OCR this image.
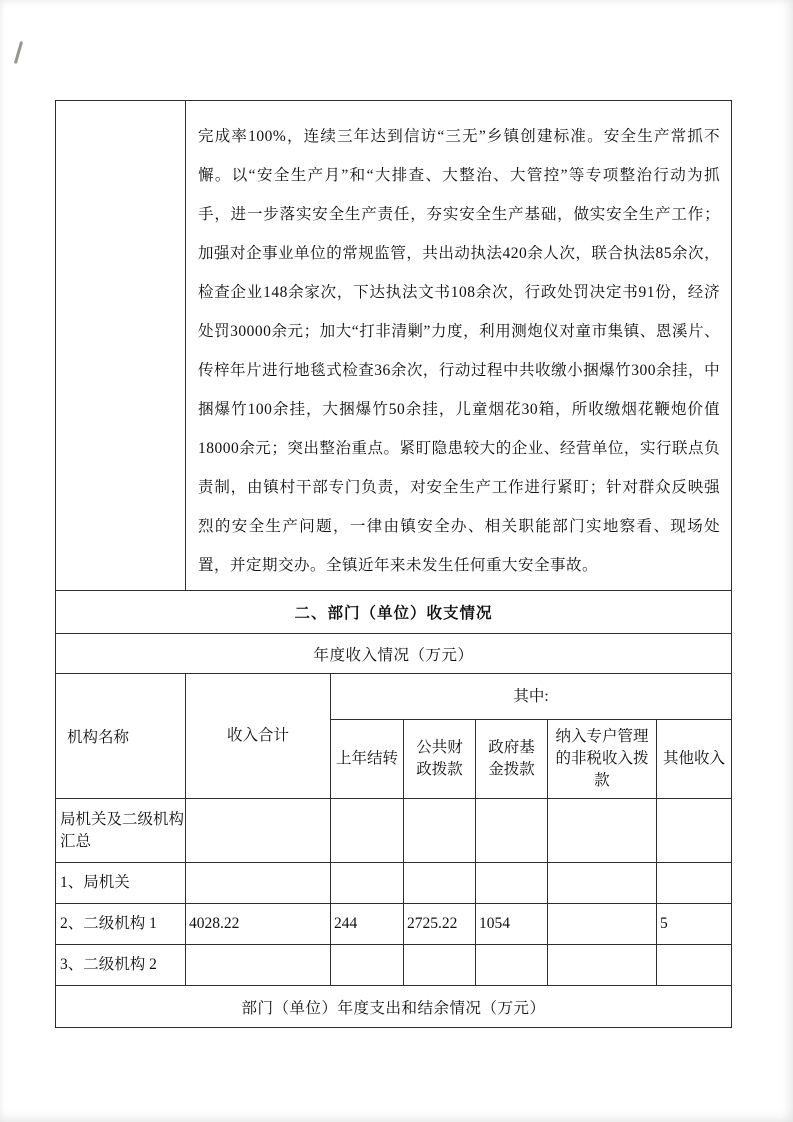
	完成率100%，连续三年达到信访“三无”乡镇创建标准。安全生产常抓不懈。以“安全生产月”和“大排查、大整治、大管控”等专项整治行动为抓手，进一步落实安全生产责任，夯实安全生产基础，做实安全生产工作；加强对企事业单位的常规监管，共出动执法420余人次，联合执法85余次，检查企业148余家次，下达执法文书108余次，行政处罚决定书91份，经济处罚30000余元；加大“打非清剿”力度，利用测炮仪对童市集镇、恩溪片、传梓年片进行地毯式检查36余次，行动过程中共收缴小捆爆竹300余挂，中捆爆竹100余挂，大捆爆竹50余挂，儿童烟花30箱，所收缴烟花鞭炮价值18000余元；突出整治重点。紧盯隐患较大的企业、经营单位，实行联点负责制，由镇村干部专门负责，对安全生产工作进行紧盯；针对群众反映强烈的安全生产问题，一律由镇安全办、相关职能部门实地察看、现场处置，并定期交办。全镇近年来未发生任何重大安全事故。					
二、部门（单位）收支情况						
年度收入情况（万元）						
机构名称	收入合计	其中:				
		上年结转	公共财政拨款	政府基金拨款	纳入专户管理的非税收入拨款	其他收入
局机关及二级机构汇总						
1、局机关						
2、二级机构 1	4028.22	244	2725.22	1054		5
3、二级机构 2						
部门（单位）年度支出和结余情况（万元）						
